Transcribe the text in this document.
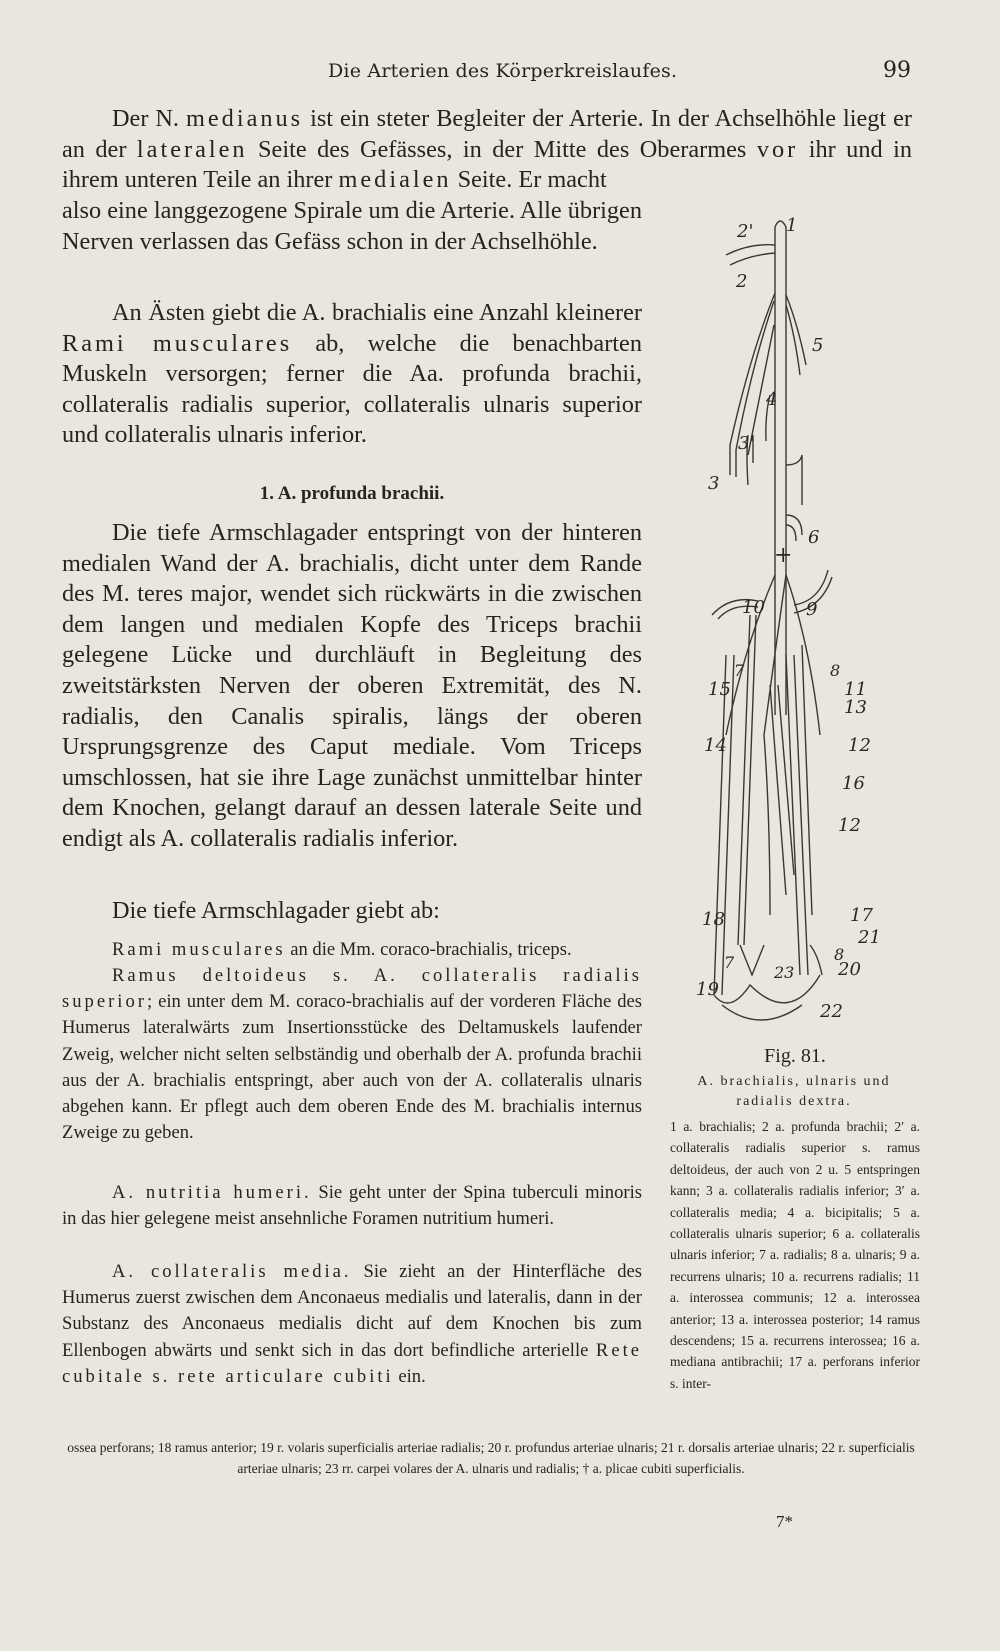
Die Arterien des Körperkreislaufes.	99
Der N. medianus ist ein steter Begleiter der Arterie. In der Achselhöhle liegt er an der lateralen Seite des Gefässes, in der Mitte des Oberarmes vor ihr und in ihrem unteren Teile an ihrer medialen Seite. Er macht
also eine langgezogene Spirale um die Arterie. Alle übrigen Nerven verlassen das Gefäss schon in der Achselhöhle.
An Ästen giebt die A. brachialis eine Anzahl kleinerer Rami musculares ab, welche die benachbarten Muskeln versorgen; ferner die Aa. profunda brachii, collateralis radialis superior, collateralis ulnaris superior und collateralis ulnaris inferior.
1. A. profunda brachii.
Die tiefe Armschlagader entspringt von der hinteren medialen Wand der A. brachialis, dicht unter dem Rande des M. teres major, wendet sich rückwärts in die zwischen dem langen und medialen Kopfe des Triceps brachii gelegene Lücke und durchläuft in Begleitung des zweitstärksten Nerven der oberen Extremität, des N. radialis, den Canalis spiralis, längs der oberen Ursprungsgrenze des Caput mediale. Vom Triceps umschlossen, hat sie ihre Lage zunächst unmittelbar hinter dem Knochen, gelangt darauf an dessen laterale Seite und endigt als A. collateralis radialis inferior.
Die tiefe Armschlagader giebt ab:
Rami musculares an die Mm. coraco-brachialis, triceps.
Ramus deltoideus s. A. collateralis radialis superior; ein unter dem M. coraco-brachialis auf der vorderen Fläche des Humerus lateralwärts zum Insertionsstücke des Deltamuskels laufender Zweig, welcher nicht selten selbständig und oberhalb der A. profunda brachii aus der A. brachialis entspringt, aber auch von der A. collateralis ulnaris abgehen kann. Er pflegt auch dem oberen Ende des M. brachialis internus Zweige zu geben.
A. nutritia humeri. Sie geht unter der Spina tuberculi minoris in das hier gelegene meist ansehnliche Foramen nutritium humeri.
A. collateralis media. Sie zieht an der Hinterfläche des Humerus zuerst zwischen dem Anconaeus medialis und lateralis, dann in der Substanz des Anconaeus medialis dicht auf dem Knochen bis zum Ellenbogen abwärts und senkt sich in das dort befindliche arterielle Rete cubitale s. rete articulare cubiti ein.
2' 1
2
5
4
3'
3
6
+
10 9
7	8
15	11
13
14	12
16
12
18	17
21
8
7
23 20
19
22
Fig. 81.
A. brachialis, ulnaris und radialis dextra.
1 a. brachialis; 2 a. profunda brachii; 2′ a. collateralis radialis superior s. ramus deltoideus, der auch von 2 u. 5 entspringen kann; 3 a. collateralis radialis inferior; 3′ a. collateralis media; 4 a. bicipitalis; 5 a. collateralis ulnaris superior; 6 a. collateralis ulnaris inferior; 7 a. radialis; 8 a. ulnaris; 9 a. recurrens ulnaris; 10 a. recurrens radialis; 11 a. interossea communis; 12 a. interossea anterior; 13 a. interossea posterior; 14 ramus descendens; 15 a. recurrens interossea; 16 a. mediana antibrachii; 17 a. perforans inferior s. inter-
ossea perforans; 18 ramus anterior; 19 r. volaris superficialis arteriae radialis; 20 r. profundus arteriae ulnaris; 21 r. dorsalis arteriae ulnaris; 22 r. superficialis arteriae ulnaris; 23 rr. carpei volares der A. ulnaris und radialis; † a. plicae cubiti superficialis.
7*
